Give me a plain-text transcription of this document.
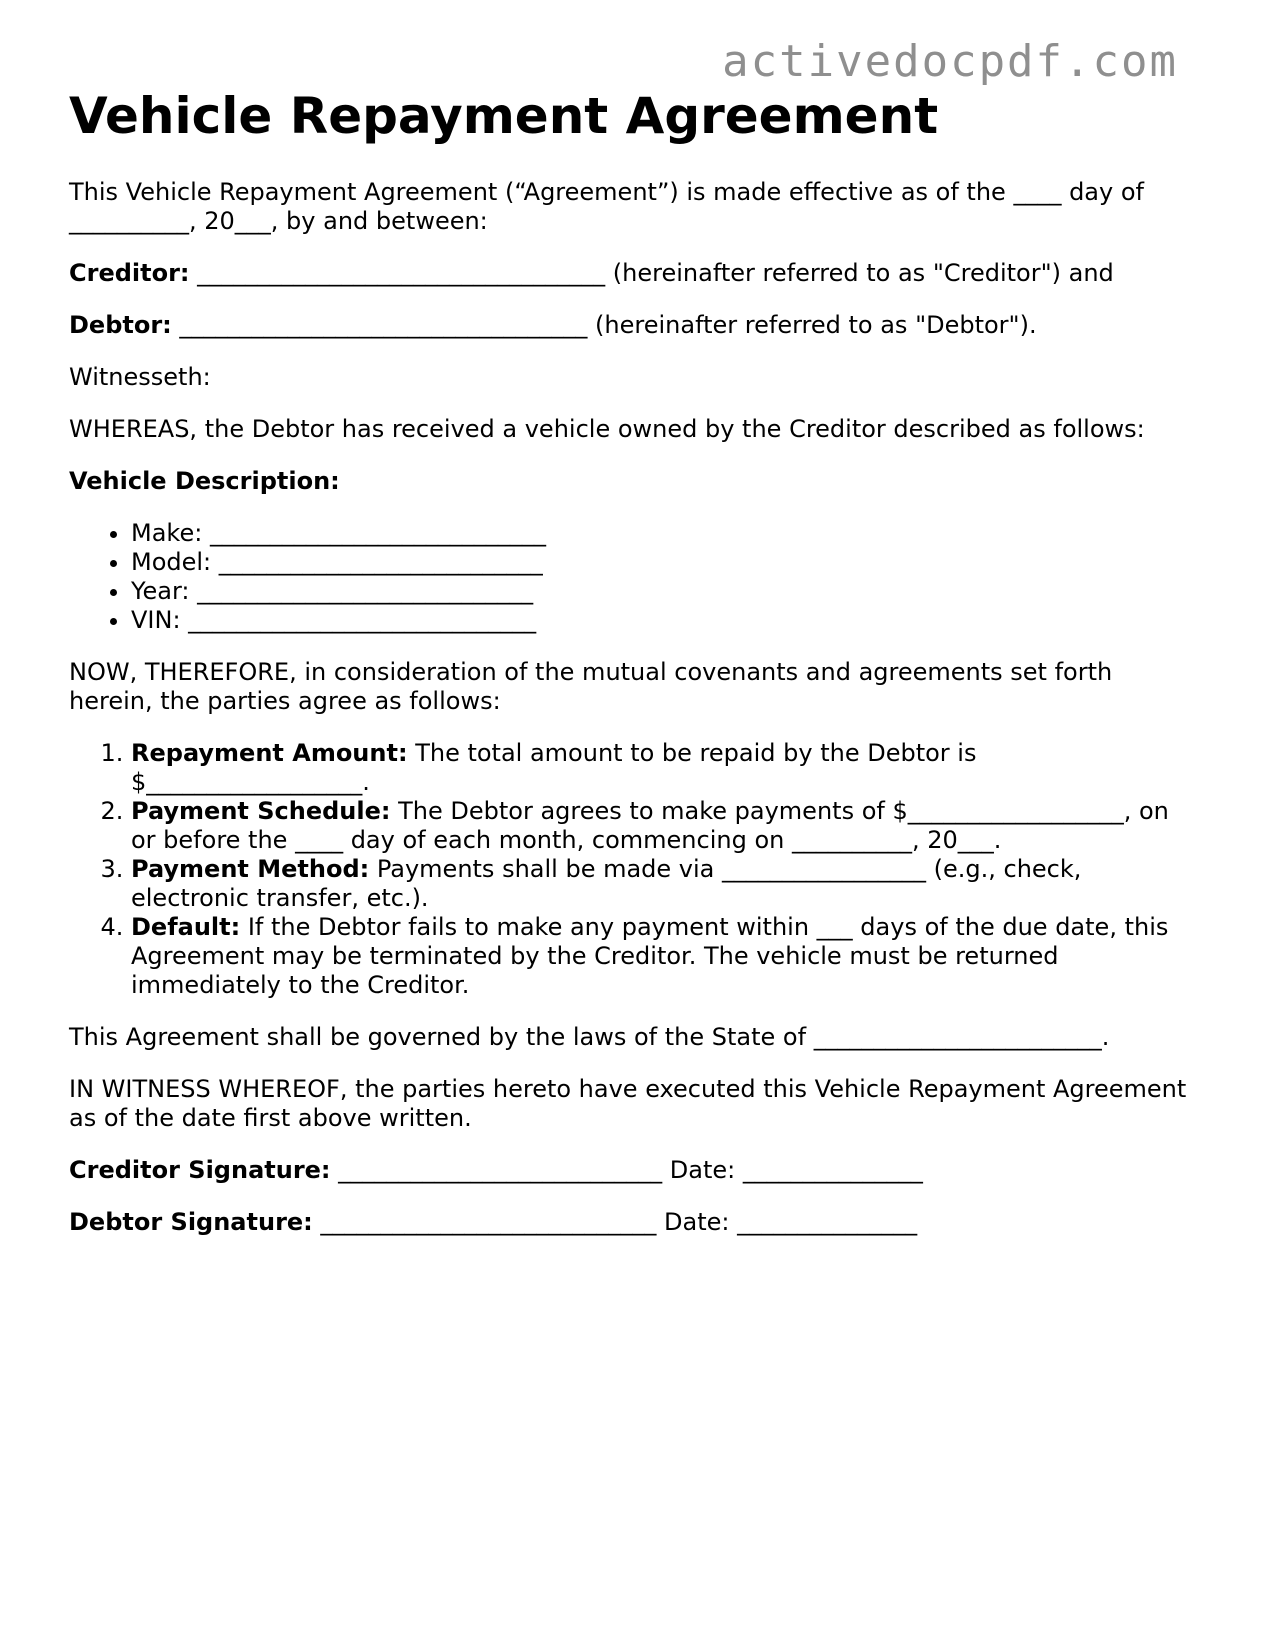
activedocpdf.com
Vehicle Repayment Agreement

This Vehicle Repayment Agreement (“Agreement”) is made effective as of the ____ day of __________, 20___, by and between:

Creditor: __________________________________ (hereinafter referred to as "Creditor") and

Debtor: __________________________________ (hereinafter referred to as "Debtor").

Witnesseth:

WHEREAS, the Debtor has received a vehicle owned by the Creditor described as follows:

Vehicle Description:

• Make: ____________________________
• Model: ___________________________
• Year: ____________________________
• VIN: _____________________________

NOW, THEREFORE, in consideration of the mutual covenants and agreements set forth herein, the parties agree as follows:

1. Repayment Amount: The total amount to be repaid by the Debtor is $__________________.
2. Payment Schedule: The Debtor agrees to make payments of $__________________, on or before the ____ day of each month, commencing on __________, 20___.
3. Payment Method: Payments shall be made via _________________ (e.g., check, electronic transfer, etc.).
4. Default: If the Debtor fails to make any payment within ___ days of the due date, this Agreement may be terminated by the Creditor. The vehicle must be returned immediately to the Creditor.

This Agreement shall be governed by the laws of the State of ________________________.

IN WITNESS WHEREOF, the parties hereto have executed this Vehicle Repayment Agreement as of the date first above written.

Creditor Signature: ___________________________ Date: _______________

Debtor Signature: ____________________________ Date: _______________
